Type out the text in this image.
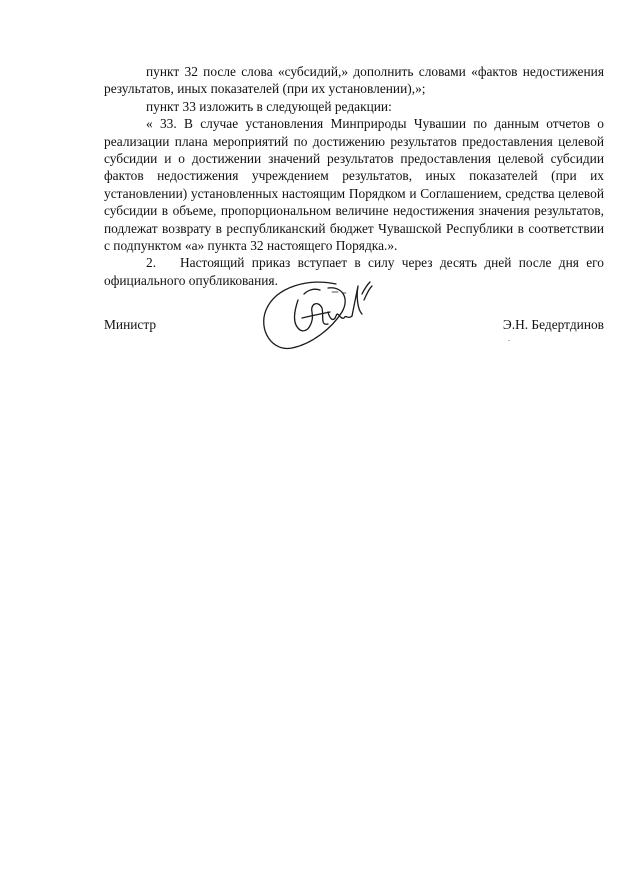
пункт 32 после слова «субсидий,» дополнить словами «фактов недостижения результатов, иных показателей (при их установлении),»;

пункт 33 изложить в следующей редакции:

« 33. В случае установления Минприроды Чувашии по данным отчетов о реализации плана мероприятий по достижению результатов предоставления целевой субсидии и о достижении значений результатов предоставления целевой субсидии фактов недостижения учреждением результатов, иных показателей (при их установлении) установленных настоящим Порядком и Соглашением, средства целевой субсидии в объеме, пропорциональном величине недостижения значения результатов, подлежат возврату в республиканский бюджет Чувашской Республики в соответствии с подпунктом «а» пункта 32 настоящего Порядка.».

2. Настоящий приказ вступает в силу через десять дней после дня его официального опубликования.

Министр	Э.Н. Бедертдинов
